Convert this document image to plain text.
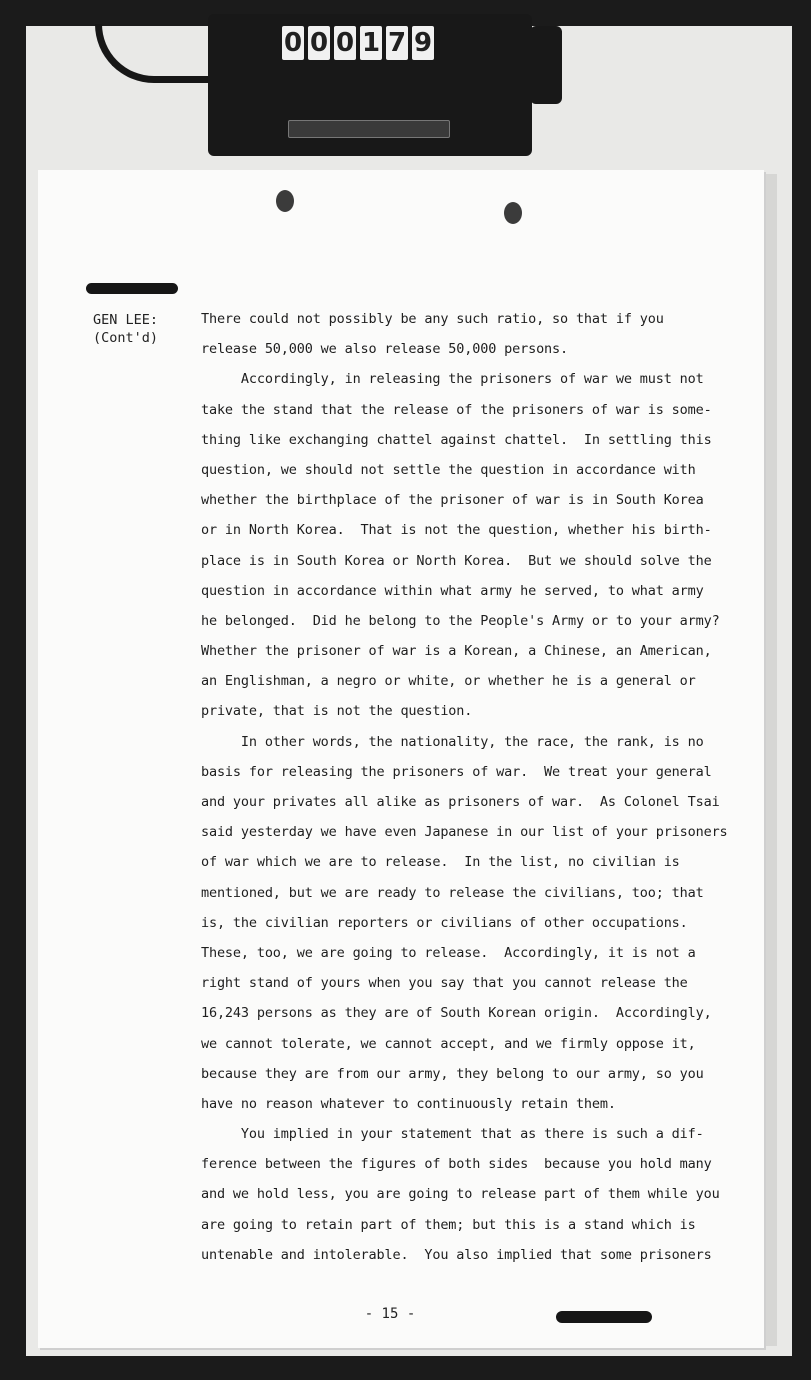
0 0 0 1 7 9
GEN LEE:
(Cont'd)
There could not possibly be any such ratio, so that if you
release 50,000 we also release 50,000 persons.
Accordingly, in releasing the prisoners of war we must not
take the stand that the release of the prisoners of war is some-
thing like exchanging chattel against chattel.  In settling this
question, we should not settle the question in accordance with
whether the birthplace of the prisoner of war is in South Korea
or in North Korea.  That is not the question, whether his birth-
place is in South Korea or North Korea.  But we should solve the
question in accordance within what army he served, to what army
he belonged.  Did he belong to the People's Army or to your army?
Whether the prisoner of war is a Korean, a Chinese, an American,
an Englishman, a negro or white, or whether he is a general or
private, that is not the question.
In other words, the nationality, the race, the rank, is no
basis for releasing the prisoners of war.  We treat your general
and your privates all alike as prisoners of war.  As Colonel Tsai
said yesterday we have even Japanese in our list of your prisoners
of war which we are to release.  In the list, no civilian is
mentioned, but we are ready to release the civilians, too; that
is, the civilian reporters or civilians of other occupations.
These, too, we are going to release.  Accordingly, it is not a
right stand of yours when you say that you cannot release the
16,243 persons as they are of South Korean origin.  Accordingly,
we cannot tolerate, we cannot accept, and we firmly oppose it,
because they are from our army, they belong to our army, so you
have no reason whatever to continuously retain them.
You implied in your statement that as there is such a dif-
ference between the figures of both sides  because you hold many
and we hold less, you are going to release part of them while you
are going to retain part of them; but this is a stand which is
untenable and intolerable.  You also implied that some prisoners
- 15 -
